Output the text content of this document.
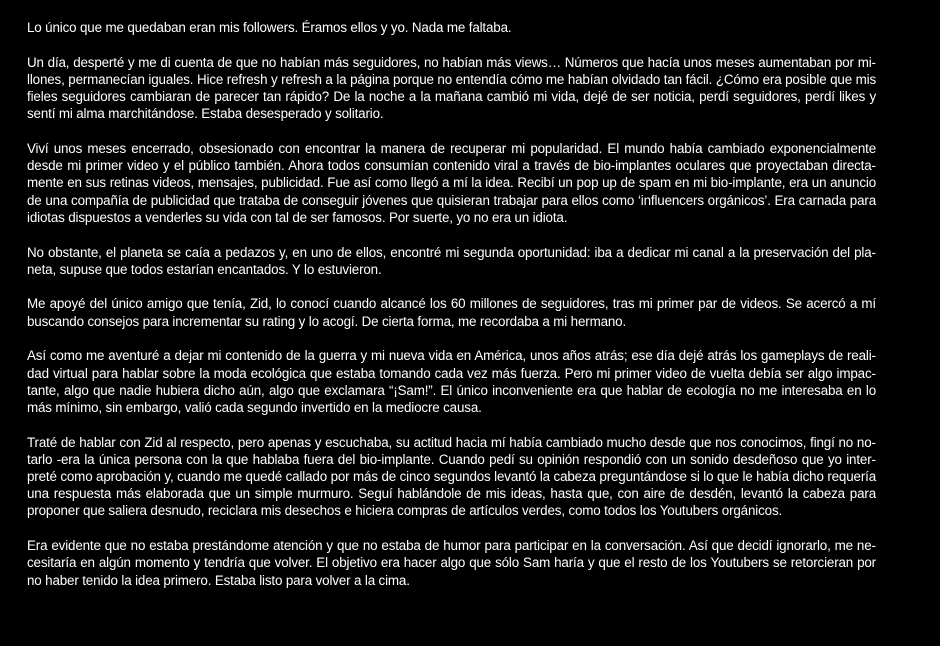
Lo único que me quedaban eran mis followers. Éramos ellos y yo. Nada me faltaba.

Un día, desperté y me di cuenta de que no habían más seguidores, no habían más views… Números que hacía unos meses aumentaban por millones, permanecían iguales. Hice refresh y refresh a la página porque no entendía cómo me habían olvidado tan fácil. ¿Cómo era posible que mis fieles seguidores cambiaran de parecer tan rápido? De la noche a la mañana cambió mi vida, dejé de ser noticia, perdí seguidores, perdí likes y sentí mi alma marchitándose. Estaba desesperado y solitario.

Viví unos meses encerrado, obsesionado con encontrar la manera de recuperar mi popularidad. El mundo había cambiado exponencialmente desde mi primer video y el público también. Ahora todos consumían contenido viral a través de bio-implantes oculares que proyectaban directamente en sus retinas videos, mensajes, publicidad. Fue así como llegó a mí la idea. Recibí un pop up de spam en mi bio-implante, era un anuncio de una compañía de publicidad que trataba de conseguir jóvenes que quisieran trabajar para ellos como ‘influencers orgánicos’. Era carnada para idiotas dispuestos a venderles su vida con tal de ser famosos. Por suerte, yo no era un idiota.

No obstante, el planeta se caía a pedazos y, en uno de ellos, encontré mi segunda oportunidad: iba a dedicar mi canal a la preservación del planeta, supuse que todos estarían encantados. Y lo estuvieron.

Me apoyé del único amigo que tenía, Zid, lo conocí cuando alcancé los 60 millones de seguidores, tras mi primer par de videos. Se acercó a mí buscando consejos para incrementar su rating y lo acogí. De cierta forma, me recordaba a mi hermano.

Así como me aventuré a dejar mi contenido de la guerra y mi nueva vida en América, unos años atrás; ese día dejé atrás los gameplays de realidad virtual para hablar sobre la moda ecológica que estaba tomando cada vez más fuerza. Pero mi primer video de vuelta debía ser algo impactante, algo que nadie hubiera dicho aún, algo que exclamara “¡Sam!”. El único inconveniente era que hablar de ecología no me interesaba en lo más mínimo, sin embargo, valió cada segundo invertido en la mediocre causa.

Traté de hablar con Zid al respecto, pero apenas y escuchaba, su actitud hacia mí había cambiado mucho desde que nos conocimos, fingí no notarlo -era la única persona con la que hablaba fuera del bio-implante. Cuando pedí su opinión respondió con un sonido desdeñoso que yo interpreté como aprobación y, cuando me quedé callado por más de cinco segundos levantó la cabeza preguntándose si lo que le había dicho requería una respuesta más elaborada que un simple murmuro. Seguí hablándole de mis ideas, hasta que, con aire de desdén, levantó la cabeza para proponer que saliera desnudo, reciclara mis desechos e hiciera compras de artículos verdes, como todos los Youtubers orgánicos.

Era evidente que no estaba prestándome atención y que no estaba de humor para participar en la conversación. Así que decidí ignorarlo, me necesitaría en algún momento y tendría que volver. El objetivo era hacer algo que sólo Sam haría y que el resto de los Youtubers se retorcieran por no haber tenido la idea primero. Estaba listo para volver a la cima.
